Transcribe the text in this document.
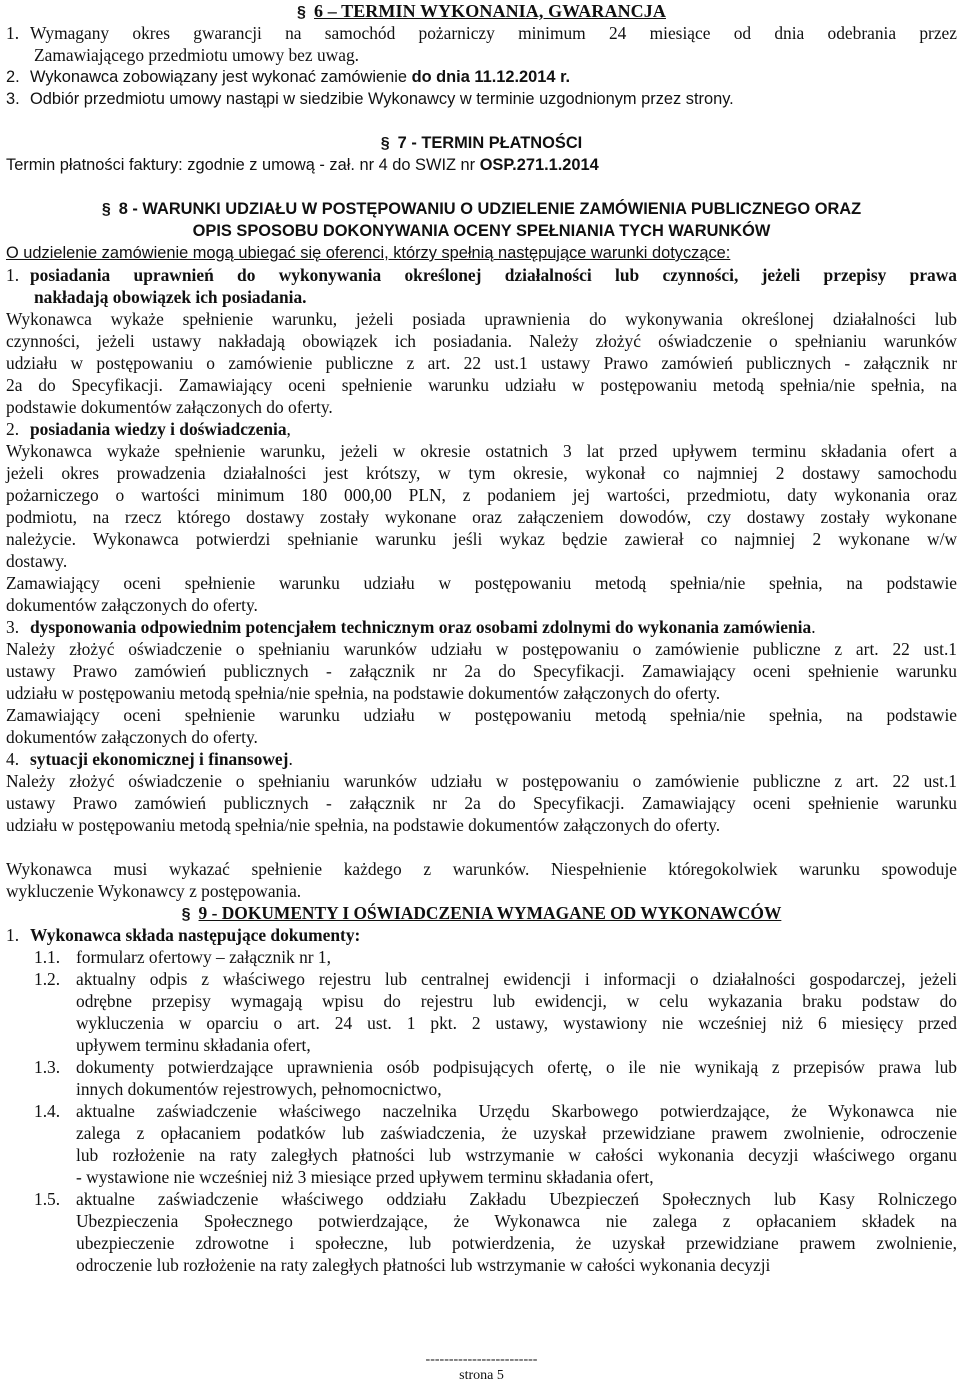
§ 6 – TERMIN WYKONANIA, GWARANCJA
1. Wymagany okres gwarancji na samochód pożarniczy minimum 24 miesiące od dnia odebrania przez
Zamawiającego przedmiotu umowy bez uwag.
2. Wykonawca zobowiązany jest wykonać zamówienie do dnia 11.12.2014 r.
3. Odbiór przedmiotu umowy nastąpi w siedzibie Wykonawcy w terminie uzgodnionym przez strony.
§ 7 - TERMIN PŁATNOŚCI
Termin płatności faktury: zgodnie z umową - zał. nr 4 do SWIZ nr OSP.271.1.2014
§ 8 - WARUNKI UDZIAŁU W POSTĘPOWANIU O UDZIELENIE ZAMÓWIENIA PUBLICZNEGO ORAZ
OPIS SPOSOBU DOKONYWANIA OCENY SPEŁNIANIA TYCH WARUNKÓW
O udzielenie zamówienie mogą ubiegać się oferenci, którzy spełnią następujące warunki dotyczące:
1. posiadania uprawnień do wykonywania określonej działalności lub czynności, jeżeli przepisy prawa
nakładają obowiązek ich posiadania.
Wykonawca wykaże spełnienie warunku, jeżeli posiada uprawnienia do wykonywania określonej działalności lub
czynności, jeżeli ustawy nakładają obowiązek ich posiadania. Należy złożyć oświadczenie o spełnianiu warunków
udziału w postępowaniu o zamówienie publiczne z art. 22 ust.1 ustawy Prawo zamówień publicznych - załącznik nr
2a do Specyfikacji. Zamawiający oceni spełnienie warunku udziału w postępowaniu metodą spełnia/nie spełnia, na
podstawie dokumentów załączonych do oferty.
2. posiadania wiedzy i doświadczenia,
Wykonawca wykaże spełnienie warunku, jeżeli w okresie ostatnich 3 lat przed upływem terminu składania ofert a
jeżeli okres prowadzenia działalności jest krótszy, w tym okresie, wykonał co najmniej 2 dostawy samochodu
pożarniczego o wartości minimum 180 000,00 PLN, z podaniem jej wartości, przedmiotu, daty wykonania oraz
podmiotu, na rzecz którego dostawy zostały wykonane oraz załączeniem dowodów, czy dostawy zostały wykonane
należycie. Wykonawca potwierdzi spełnianie warunku jeśli wykaz będzie zawierał co najmniej 2 wykonane w/w
dostawy.
Zamawiający oceni spełnienie warunku udziału w postępowaniu metodą spełnia/nie spełnia, na podstawie
dokumentów załączonych do oferty.
3. dysponowania odpowiednim potencjałem technicznym oraz osobami zdolnymi do wykonania zamówienia.
Należy złożyć oświadczenie o spełnianiu warunków udziału w postępowaniu o zamówienie publiczne z art. 22 ust.1
ustawy Prawo zamówień publicznych - załącznik nr 2a do Specyfikacji. Zamawiający oceni spełnienie warunku
udziału w postępowaniu metodą spełnia/nie spełnia, na podstawie dokumentów załączonych do oferty.
Zamawiający oceni spełnienie warunku udziału w postępowaniu metodą spełnia/nie spełnia, na podstawie
dokumentów załączonych do oferty.
4. sytuacji ekonomicznej i finansowej.
Należy złożyć oświadczenie o spełnianiu warunków udziału w postępowaniu o zamówienie publiczne z art. 22 ust.1
ustawy Prawo zamówień publicznych - załącznik nr 2a do Specyfikacji. Zamawiający oceni spełnienie warunku
udziału w postępowaniu metodą spełnia/nie spełnia, na podstawie dokumentów załączonych do oferty.
Wykonawca musi wykazać spełnienie każdego z warunków. Niespełnienie któregokolwiek warunku spowoduje
wykluczenie Wykonawcy z postępowania.
§ 9 - DOKUMENTY I OŚWIADCZENIA WYMAGANE OD WYKONAWCÓW
1. Wykonawca składa następujące dokumenty:
1.1. formularz ofertowy – załącznik nr 1,
1.2. aktualny odpis z właściwego rejestru lub centralnej ewidencji i informacji o działalności gospodarczej, jeżeli
odrębne przepisy wymagają wpisu do rejestru lub ewidencji, w celu wykazania braku podstaw do
wykluczenia w oparciu o art. 24 ust. 1 pkt. 2 ustawy, wystawiony nie wcześniej niż 6 miesięcy przed
upływem terminu składania ofert,
1.3. dokumenty potwierdzające uprawnienia osób podpisujących ofertę, o ile nie wynikają z przepisów prawa lub
innych dokumentów rejestrowych, pełnomocnictwo,
1.4. aktualne zaświadczenie właściwego naczelnika Urzędu Skarbowego potwierdzające, że Wykonawca nie
zalega z opłacaniem podatków lub zaświadczenia, że uzyskał przewidziane prawem zwolnienie, odroczenie
lub rozłożenie na raty zaległych płatności lub wstrzymanie w całości wykonania decyzji właściwego organu
- wystawione nie wcześniej niż 3 miesiące przed upływem terminu składania ofert,
1.5. aktualne zaświadczenie właściwego oddziału Zakładu Ubezpieczeń Społecznych lub Kasy Rolniczego
Ubezpieczenia Społecznego potwierdzające, że Wykonawca nie zalega z opłacaniem składek na
ubezpieczenie zdrowotne i społeczne, lub potwierdzenia, że uzyskał przewidziane prawem zwolnienie,
odroczenie lub rozłożenie na raty zaległych płatności lub wstrzymanie w całości wykonania decyzji
------------------------
strona 5
